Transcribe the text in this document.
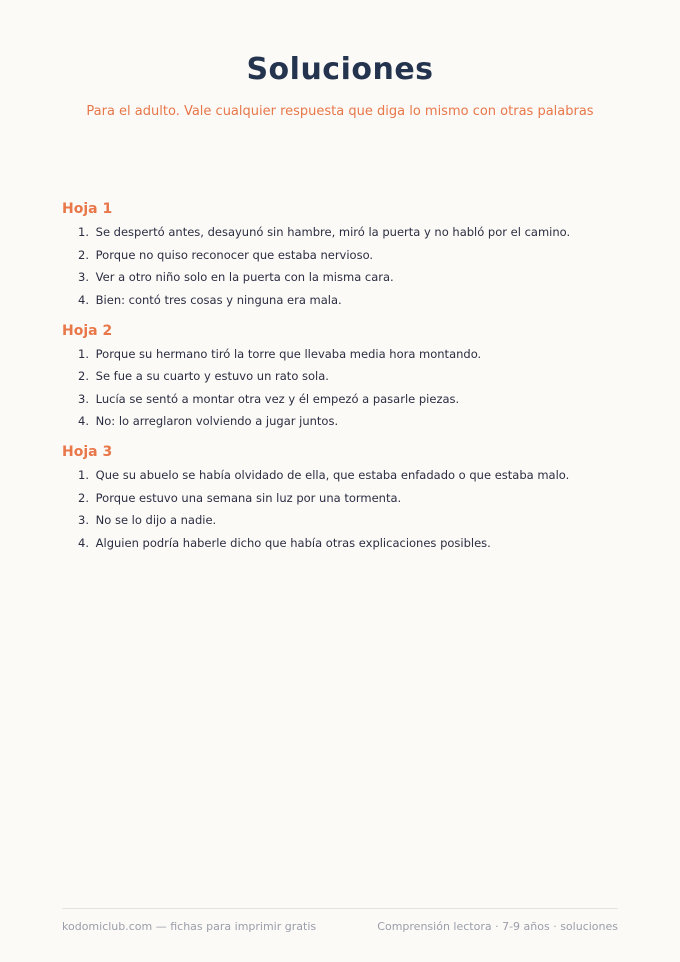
Soluciones
Para el adulto. Vale cualquier respuesta que diga lo mismo con otras palabras
Hoja 1
1. Se despertó antes, desayunó sin hambre, miró la puerta y no habló por el camino.
2. Porque no quiso reconocer que estaba nervioso.
3. Ver a otro niño solo en la puerta con la misma cara.
4. Bien: contó tres cosas y ninguna era mala.
Hoja 2
1. Porque su hermano tiró la torre que llevaba media hora montando.
2. Se fue a su cuarto y estuvo un rato sola.
3. Lucía se sentó a montar otra vez y él empezó a pasarle piezas.
4. No: lo arreglaron volviendo a jugar juntos.
Hoja 3
1. Que su abuelo se había olvidado de ella, que estaba enfadado o que estaba malo.
2. Porque estuvo una semana sin luz por una tormenta.
3. No se lo dijo a nadie.
4. Alguien podría haberle dicho que había otras explicaciones posibles.
kodomiclub.com — fichas para imprimir gratis	Comprensión lectora · 7-9 años · soluciones
